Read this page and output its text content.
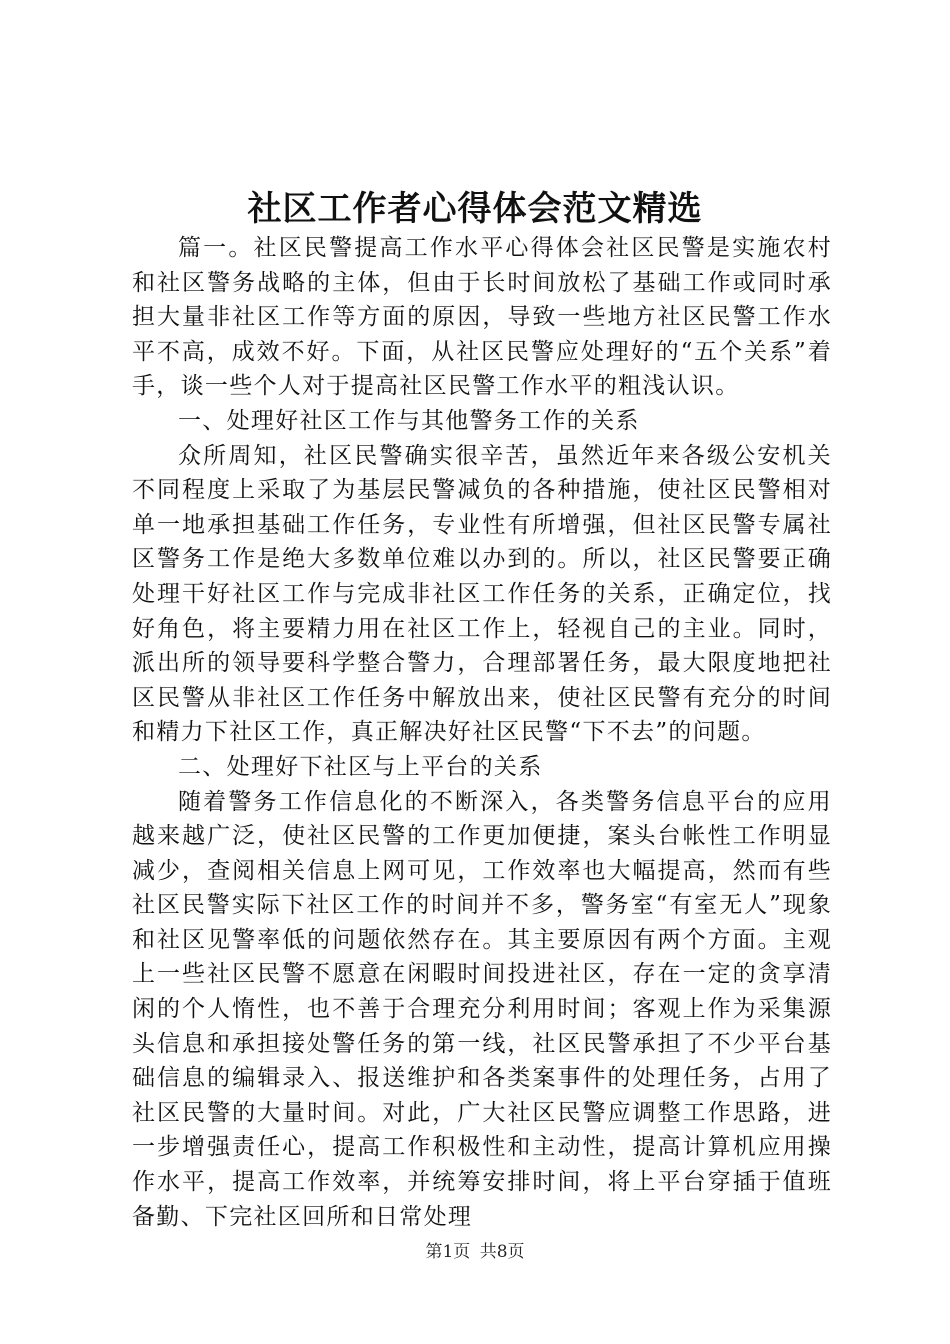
社区工作者心得体会范文精选

篇一。社区民警提高工作水平心得体会社区民警是实施农村和社区警务战略的主体，但由于长时间放松了基础工作或同时承担大量非社区工作等方面的原因，导致一些地方社区民警工作水平不高，成效不好。下面，从社区民警应处理好的“五个关系”着手，谈一些个人对于提高社区民警工作水平的粗浅认识。

一、处理好社区工作与其他警务工作的关系

众所周知，社区民警确实很辛苦，虽然近年来各级公安机关不同程度上采取了为基层民警减负的各种措施，使社区民警相对单一地承担基础工作任务，专业性有所增强，但社区民警专属社区警务工作是绝大多数单位难以办到的。所以，社区民警要正确处理干好社区工作与完成非社区工作任务的关系，正确定位，找好角色，将主要精力用在社区工作上，轻视自己的主业。同时，派出所的领导要科学整合警力，合理部署任务，最大限度地把社区民警从非社区工作任务中解放出来，使社区民警有充分的时间和精力下社区工作，真正解决好社区民警“下不去”的问题。

二、处理好下社区与上平台的关系

随着警务工作信息化的不断深入，各类警务信息平台的应用越来越广泛，使社区民警的工作更加便捷，案头台帐性工作明显减少，查阅相关信息上网可见，工作效率也大幅提高，然而有些社区民警实际下社区工作的时间并不多，警务室“有室无人”现象和社区见警率低的问题依然存在。其主要原因有两个方面。主观上一些社区民警不愿意在闲暇时间投进社区，存在一定的贪享清闲的个人惰性，也不善于合理充分利用时间；客观上作为采集源头信息和承担接处警任务的第一线，社区民警承担了不少平台基础信息的编辑录入、报送维护和各类案事件的处理任务，占用了社区民警的大量时间。对此，广大社区民警应调整工作思路，进一步增强责任心，提高工作积极性和主动性，提高计算机应用操作水平，提高工作效率，并统筹安排时间，将上平台穿插于值班备勤、下完社区回所和日常处理

第1页 共8页
